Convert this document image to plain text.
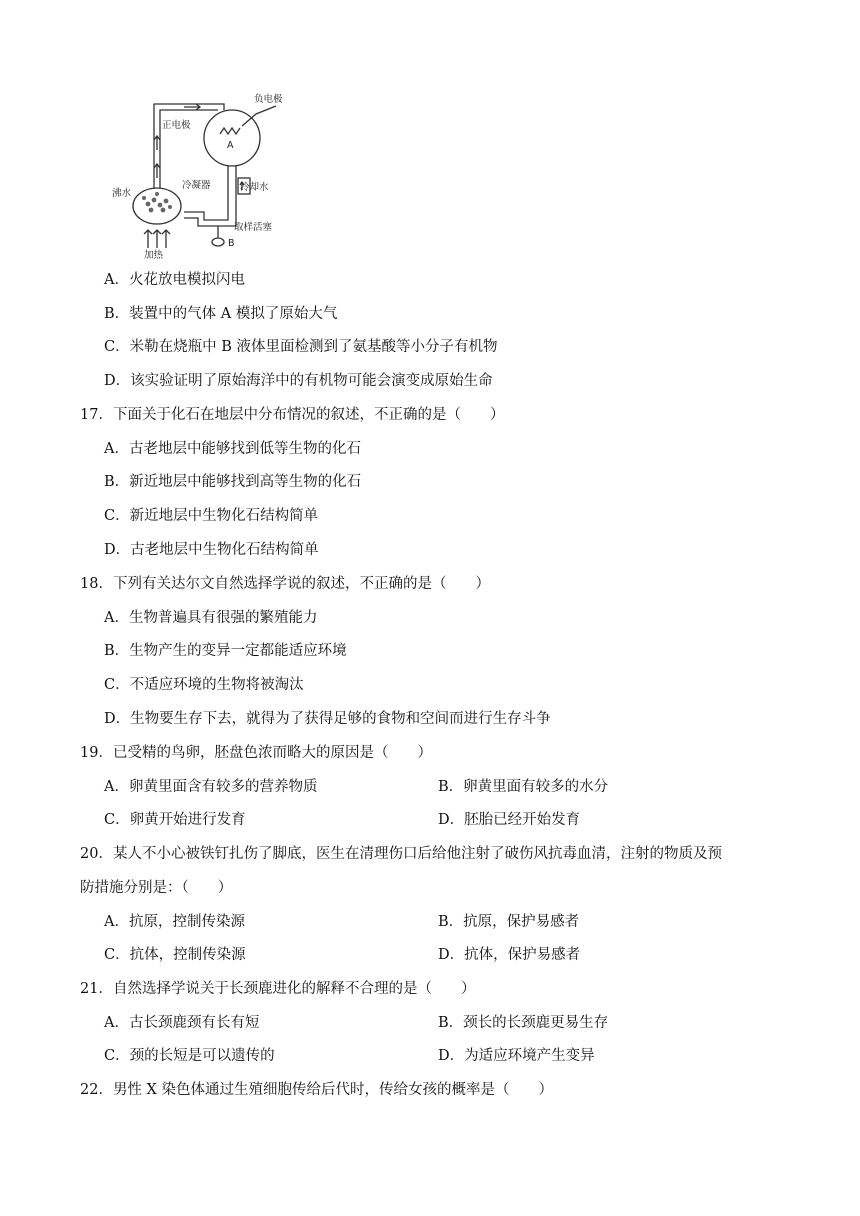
负电极
正电极
A
冷凝器	冷却水
沸水
加热
取样活塞
B
A．火花放电模拟闪电
B．装置中的气体 A 模拟了原始大气
C．米勒在烧瓶中 B 液体里面检测到了氨基酸等小分子有机物
D．该实验证明了原始海洋中的有机物可能会演变成原始生命
17．下面关于化石在地层中分布情况的叙述，不正确的是（　　）
A．古老地层中能够找到低等生物的化石
B．新近地层中能够找到高等生物的化石
C．新近地层中生物化石结构简单
D．古老地层中生物化石结构简单
18．下列有关达尔文自然选择学说的叙述，不正确的是（　　）
A．生物普遍具有很强的繁殖能力
B．生物产生的变异一定都能适应环境
C．不适应环境的生物将被淘汰
D．生物要生存下去，就得为了获得足够的食物和空间而进行生存斗争
19．已受精的鸟卵，胚盘色浓而略大的原因是（　　）
A．卵黄里面含有较多的营养物质	B．卵黄里面有较多的水分
C．卵黄开始进行发育	D．胚胎已经开始发育
20．某人不小心被铁钉扎伤了脚底，医生在清理伤口后给他注射了破伤风抗毒血清，注射的物质及预
防措施分别是：（　　）
A．抗原，控制传染源	B．抗原，保护易感者
C．抗体，控制传染源	D．抗体，保护易感者
21．自然选择学说关于长颈鹿进化的解释不合理的是（　　）
A．古长颈鹿颈有长有短	B．颈长的长颈鹿更易生存
C．颈的长短是可以遗传的	D．为适应环境产生变异
22．男性 X 染色体通过生殖细胞传给后代时，传给女孩的概率是（　　）
